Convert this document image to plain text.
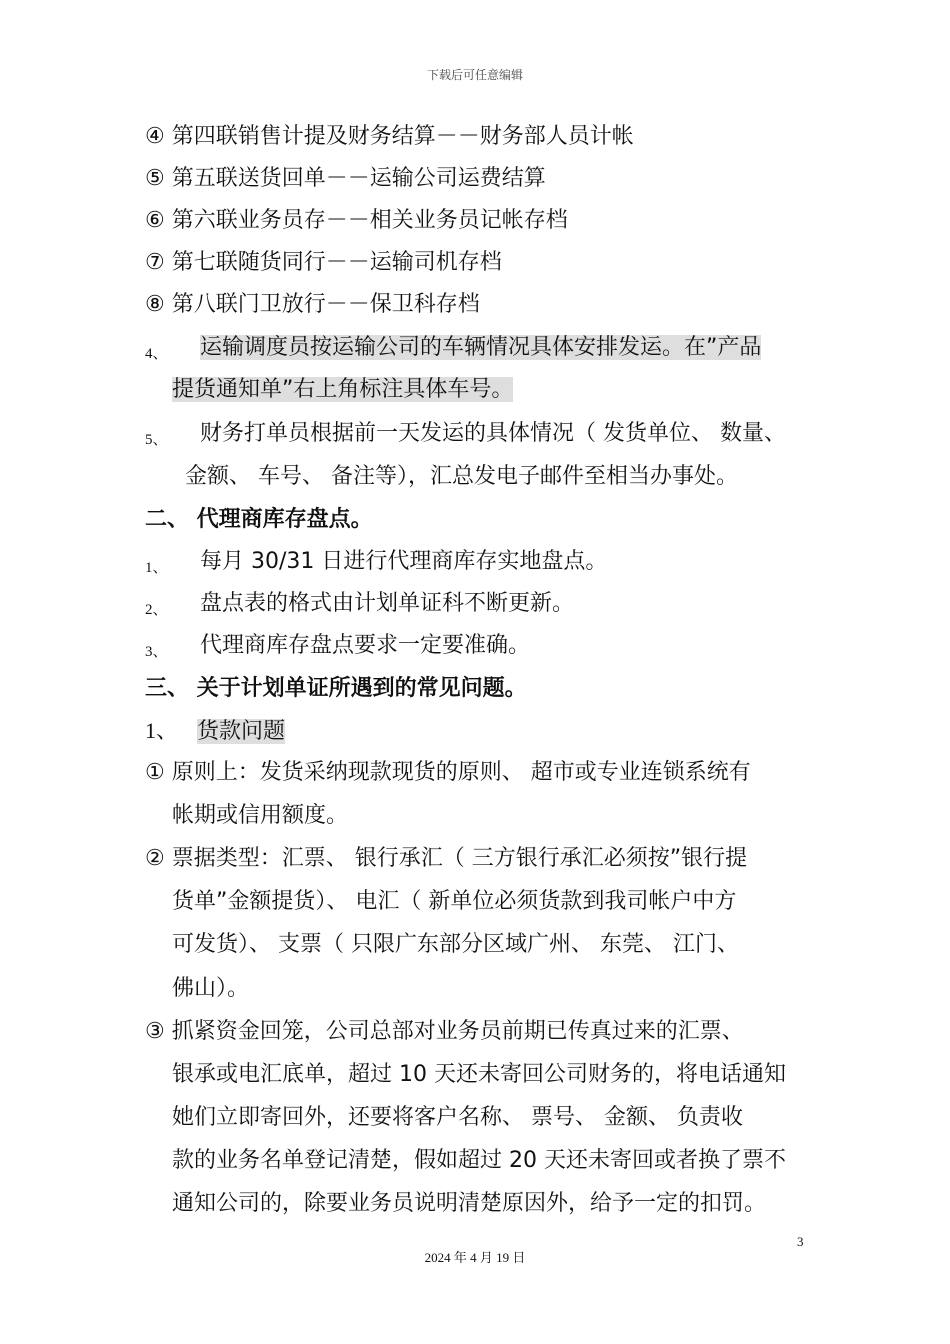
下载后可任意编辑
④ 第四联销售计提及财务结算－－财务部人员计帐
⑤ 第五联送货回单－－运输公司运费结算
⑥ 第六联业务员存－－相关业务员记帐存档
⑦ 第七联随货同行－－运输司机存档
⑧ 第八联门卫放行－－保卫科存档
4、 运输调度员按运输公司的车辆情况具体安排发运。在”产品
提货通知单”右上角标注具体车号。
5、 财务打单员根据前一天发运的具体情况（ 发货单位、 数量、
金额、 车号、 备注等），汇总发电子邮件至相当办事处。
二、 代理商库存盘点。
1、 每月 30/31 日进行代理商库存实地盘点。
2、 盘点表的格式由计划单证科不断更新。
3、 代理商库存盘点要求一定要准确。
三、 关于计划单证所遇到的常见问题。
1、 货款问题
① 原则上：发货采纳现款现货的原则、 超市或专业连锁系统有
帐期或信用额度。
② 票据类型：汇票、 银行承汇（ 三方银行承汇必须按”银行提
货单”金额提货）、 电汇（ 新单位必须货款到我司帐户中方
可发货）、 支票（ 只限广东部分区域广州、 东莞、 江门、
佛山）。
③ 抓紧资金回笼，公司总部对业务员前期已传真过来的汇票、
银承或电汇底单，超过 10 天还未寄回公司财务的，将电话通知
她们立即寄回外，还要将客户名称、 票号、 金额、 负责收
款的业务名单登记清楚，假如超过 20 天还未寄回或者换了票不
通知公司的，除要业务员说明清楚原因外，给予一定的扣罚。
3
2024 年 4 月 19 日
